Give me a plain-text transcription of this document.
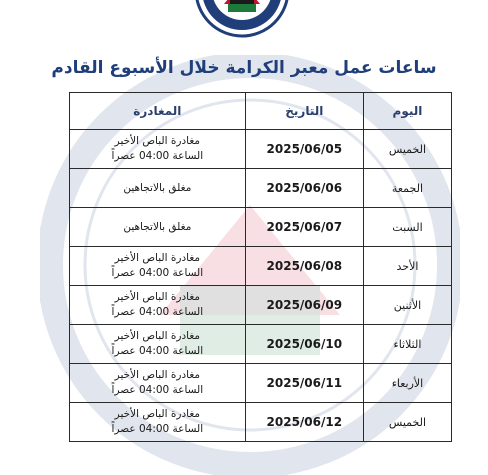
ساعات عمل معبر الكرامة خلال الأسبوع القادم
اليوم	التاريخ	المغادرة
الخميس	2025/06/05	مغادرة الباص الأخير
الساعة 04:00 عصراً

الجمعة	2025/06/06	مغلق بالاتجاهين

السبت	2025/06/07	مغلق بالاتجاهين

الأحد	2025/06/08	مغادرة الباص الأخير
الساعة 04:00 عصراً

الأثنين	2025/06/09	مغادرة الباص الأخير
الساعة 04:00 عصراً

الثلاثاء	2025/06/10	مغادرة الباص الأخير
الساعة 04:00 عصراً

الأربعاء	2025/06/11	مغادرة الباص الأخير
الساعة 04:00 عصراً

الخميس	2025/06/12	مغادرة الباص الأخير
الساعة 04:00 عصراً
